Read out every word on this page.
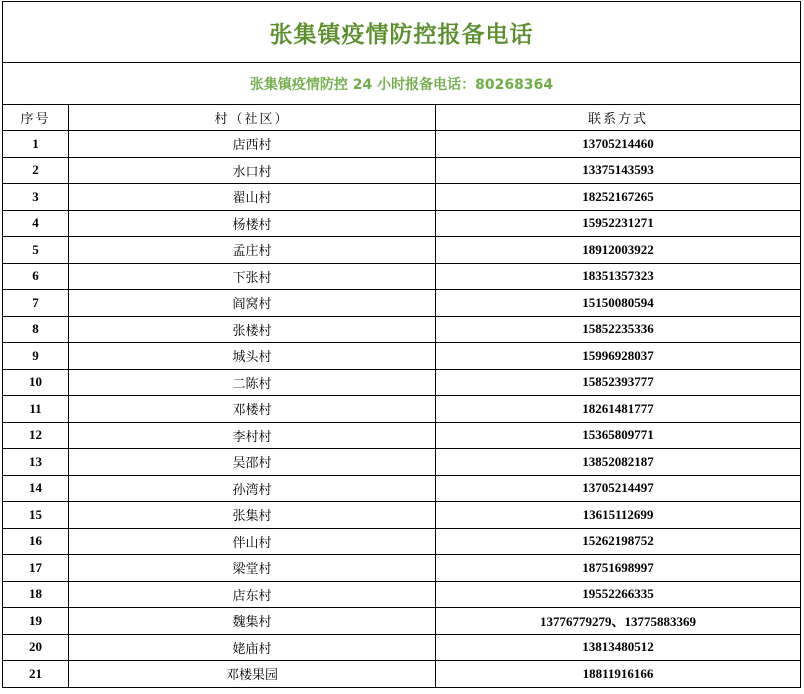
张集镇疫情防控报备电话		
张集镇疫情防控 24 小时报备电话：80268364		
序号	村（社区）	联系方式
1	店西村	13705214460
2	水口村	13375143593
3	翟山村	18252167265
4	杨楼村	15952231271
5	孟庄村	18912003922
6	下张村	18351357323
7	阎窝村	15150080594
8	张楼村	15852235336
9	城头村	15996928037
10	二陈村	15852393777
11	邓楼村	18261481777
12	李村村	15365809771
13	吴邵村	13852082187
14	孙湾村	13705214497
15	张集村	13615112699
16	伴山村	15262198752
17	梁堂村	18751698997
18	店东村	19552266335
19	魏集村	13776779279、13775883369
20	姥庙村	13813480512
21	邓楼果园	18811916166
